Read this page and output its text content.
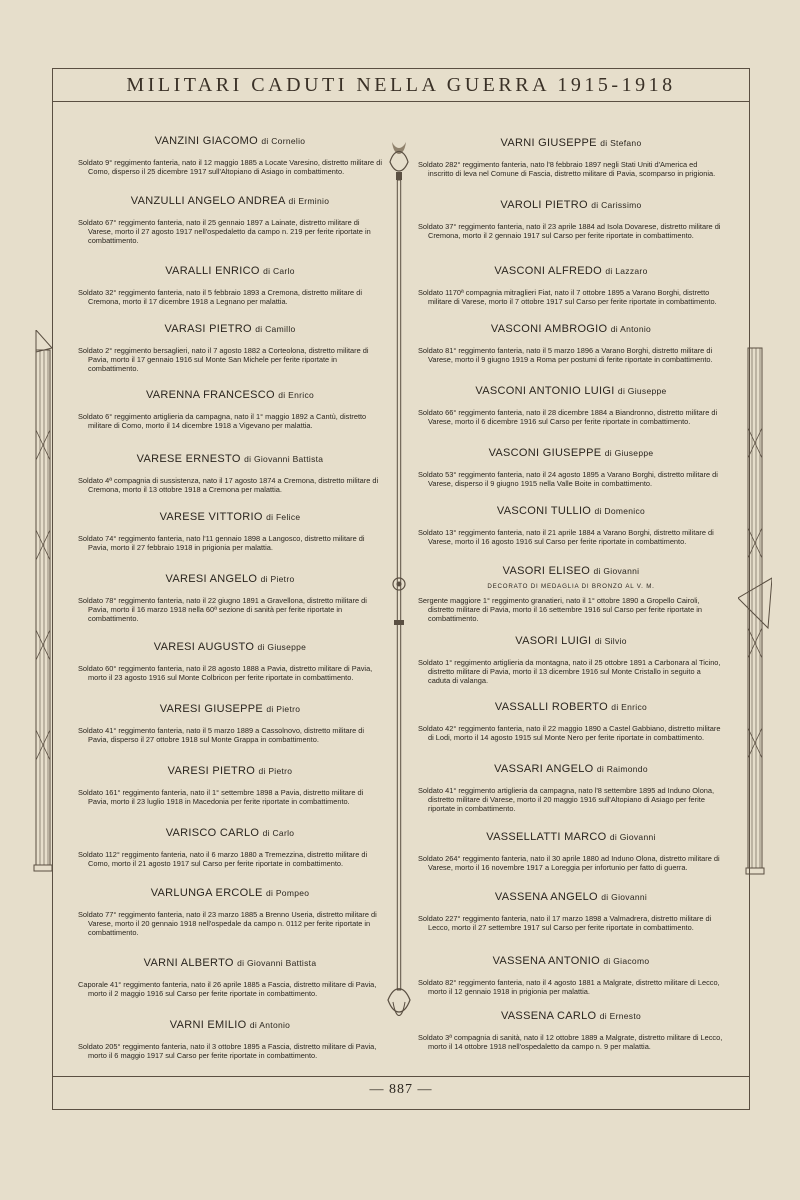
MILITARI CADUTI NELLA GUERRA 1915-1918
VANZINI GIACOMO di Cornelio
Soldato 9° reggimento fanteria, nato il 12 maggio 1885 a Locate Varesino, distretto militare di Como, disperso il 25 dicembre 1917 sull'Altopiano di Asiago in combattimento.
VANZULLI ANGELO ANDREA di Erminio
Soldato 67° reggimento fanteria, nato il 25 gennaio 1897 a Lainate, distretto militare di Varese, morto il 27 agosto 1917 nell'ospedaletto da campo n. 219 per ferite riportate in combattimento.
VARALLI ENRICO di Carlo
Soldato 32° reggimento fanteria, nato il 5 febbraio 1893 a Cremona, distretto militare di Cremona, morto il 17 dicembre 1918 a Legnano per malattia.
VARASI PIETRO di Camillo
Soldato 2° reggimento bersaglieri, nato il 7 agosto 1882 a Corteolona, distretto militare di Pavia, morto il 17 gennaio 1916 sul Monte San Michele per ferite riportate in combattimento.
VARENNA FRANCESCO di Enrico
Soldato 6° reggimento artiglieria da campagna, nato il 1° maggio 1892 a Cantù, distretto militare di Como, morto il 14 dicembre 1918 a Vigevano per malattia.
VARESE ERNESTO di Giovanni Battista
Soldato 4ª compagnia di sussistenza, nato il 17 agosto 1874 a Cremona, distretto militare di Cremona, morto il 13 ottobre 1918 a Cremona per malattia.
VARESE VITTORIO di Felice
Soldato 74° reggimento fanteria, nato l'11 gennaio 1898 a Langosco, distretto militare di Pavia, morto il 27 febbraio 1918 in prigionia per malattia.
VARESI ANGELO di Pietro
Soldato 78° reggimento fanteria, nato il 22 giugno 1891 a Gravellona, distretto militare di Pavia, morto il 16 marzo 1918 nella 60ª sezione di sanità per ferite riportate in combattimento.
VARESI AUGUSTO di Giuseppe
Soldato 60° reggimento fanteria, nato il 28 agosto 1888 a Pavia, distretto militare di Pavia, morto il 23 agosto 1916 sul Monte Colbricon per ferite riportate in combattimento.
VARESI GIUSEPPE di Pietro
Soldato 41° reggimento fanteria, nato il 5 marzo 1889 a Cassolnovo, distretto militare di Pavia, disperso il 27 ottobre 1918 sul Monte Grappa in combattimento.
VARESI PIETRO di Pietro
Soldato 161° reggimento fanteria, nato il 1° settembre 1898 a Pavia, distretto militare di Pavia, morto il 23 luglio 1918 in Macedonia per ferite riportate in combattimento.
VARISCO CARLO di Carlo
Soldato 112° reggimento fanteria, nato il 6 marzo 1880 a Tremezzina, distretto militare di Como, morto il 21 agosto 1917 sul Carso per ferite riportate in combattimento.
VARLUNGA ERCOLE di Pompeo
Soldato 77° reggimento fanteria, nato il 23 marzo 1885 a Brenno Useria, distretto militare di Varese, morto il 20 gennaio 1918 nell'ospedale da campo n. 0112 per ferite riportate in combattimento.
VARNI ALBERTO di Giovanni Battista
Caporale 41° reggimento fanteria, nato il 26 aprile 1885 a Fascia, distretto militare di Pavia, morto il 2 maggio 1916 sul Carso per ferite riportate in combattimento.
VARNI EMILIO di Antonio
Soldato 205° reggimento fanteria, nato il 3 ottobre 1895 a Fascia, distretto militare di Pavia, morto il 6 maggio 1917 sul Carso per ferite riportate in combattimento.
VARNI GIUSEPPE di Stefano
Soldato 282° reggimento fanteria, nato l'8 febbraio 1897 negli Stati Uniti d'America ed inscritto di leva nel Comune di Fascia, distretto militare di Pavia, scomparso in prigionia.
VAROLI PIETRO di Carissimo
Soldato 37° reggimento fanteria, nato il 23 aprile 1884 ad Isola Dovarese, distretto militare di Cremona, morto il 2 gennaio 1917 sul Carso per ferite riportate in combattimento.
VASCONI ALFREDO di Lazzaro
Soldato 1170ª compagnia mitraglieri Fiat, nato il 7 ottobre 1895 a Varano Borghi, distretto militare di Varese, morto il 7 ottobre 1917 sul Carso per ferite riportate in combattimento.
VASCONI AMBROGIO di Antonio
Soldato 81° reggimento fanteria, nato il 5 marzo 1896 a Varano Borghi, distretto militare di Varese, morto il 9 giugno 1919 a Roma per postumi di ferite riportate in combattimento.
VASCONI ANTONIO LUIGI di Giuseppe
Soldato 66° reggimento fanteria, nato il 28 dicembre 1884 a Biandronno, distretto militare di Varese, morto il 6 dicembre 1916 sul Carso per ferite riportate in combattimento.
VASCONI GIUSEPPE di Giuseppe
Soldato 53° reggimento fanteria, nato il 24 agosto 1895 a Varano Borghi, distretto militare di Varese, disperso il 9 giugno 1915 nella Valle Boite in combattimento.
VASCONI TULLIO di Domenico
Soldato 13° reggimento fanteria, nato il 21 aprile 1884 a Varano Borghi, distretto militare di Varese, morto il 16 agosto 1916 sul Carso per ferite riportate in combattimento.
VASORI ELISEO di Giovanni
DECORATO DI MEDAGLIA DI BRONZO AL V. M.
Sergente maggiore 1° reggimento granatieri, nato il 1° ottobre 1890 a Gropello Cairoli, distretto militare di Pavia, morto il 16 settembre 1916 sul Carso per ferite riportate in combattimento.
VASORI LUIGI di Silvio
Soldato 1° reggimento artiglieria da montagna, nato il 25 ottobre 1891 a Carbonara al Ticino, distretto militare di Pavia, morto il 13 dicembre 1916 sul Monte Cristallo in seguito a caduta di valanga.
VASSALLI ROBERTO di Enrico
Soldato 42° reggimento fanteria, nato il 22 maggio 1890 a Castel Gabbiano, distretto militare di Lodi, morto il 14 agosto 1915 sul Monte Nero per ferite riportate in combattimento.
VASSARI ANGELO di Raimondo
Soldato 41° reggimento artiglieria da campagna, nato l'8 settembre 1895 ad Induno Olona, distretto militare di Varese, morto il 20 maggio 1916 sull'Altopiano di Asiago per ferite riportate in combattimento.
VASSELLATTI MARCO di Giovanni
Soldato 264° reggimento fanteria, nato il 30 aprile 1880 ad Induno Olona, distretto militare di Varese, morto il 16 novembre 1917 a Loreggia per infortunio per fatto di guerra.
VASSENA ANGELO di Giovanni
Soldato 227° reggimento fanteria, nato il 17 marzo 1898 a Valmadrera, distretto militare di Lecco, morto il 27 settembre 1917 sul Carso per ferite riportate in combattimento.
VASSENA ANTONIO di Giacomo
Soldato 82° reggimento fanteria, nato il 4 agosto 1881 a Malgrate, distretto militare di Lecco, morto il 12 gennaio 1918 in prigionia per malattia.
VASSENA CARLO di Ernesto
Soldato 3ª compagnia di sanità, nato il 12 ottobre 1889 a Malgrate, distretto militare di Lecco, morto il 14 ottobre 1918 nell'ospedaletto da campo n. 9 per malattia.
— 887 —
